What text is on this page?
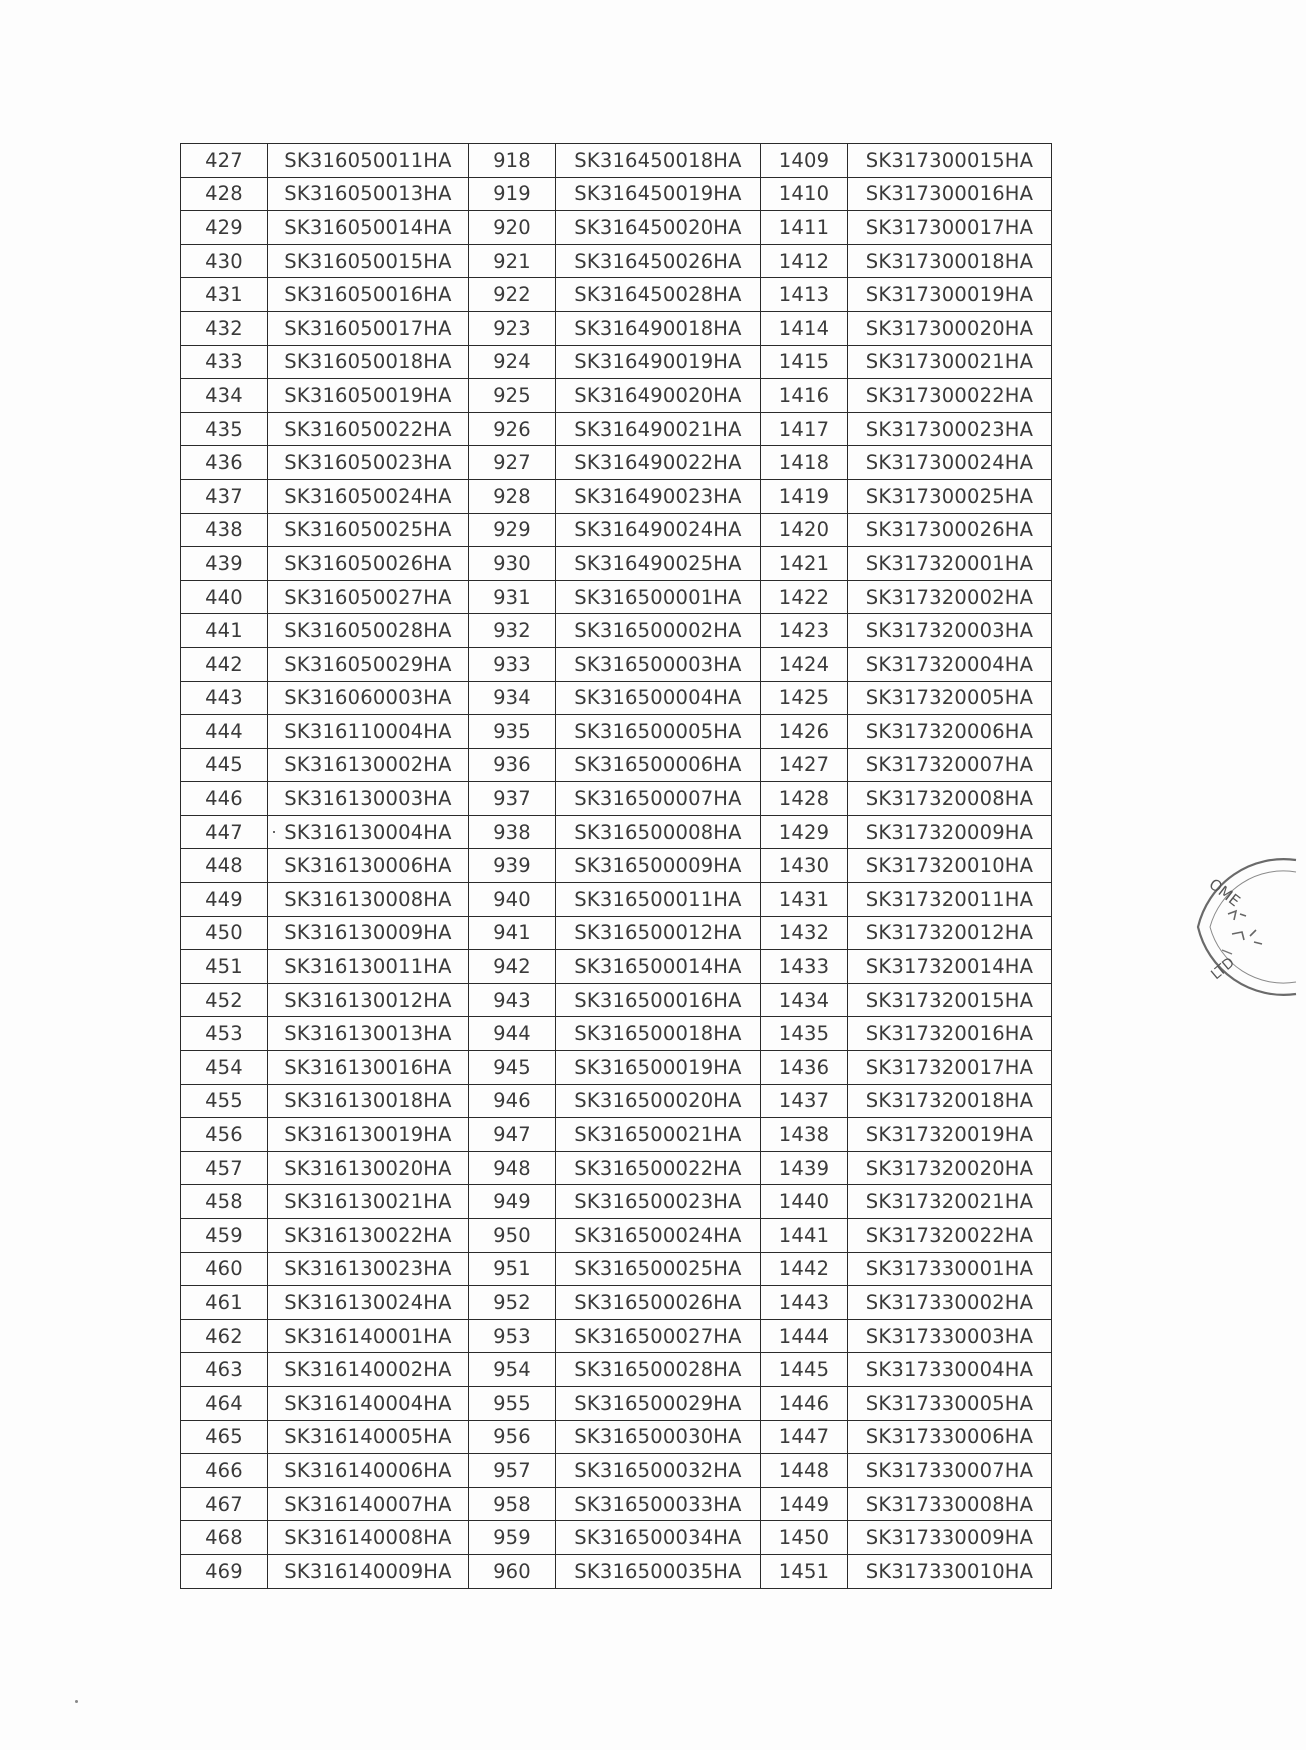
427	SK316050011HA	918	SK316450018HA	1409	SK317300015HA
428	SK316050013HA	919	SK316450019HA	1410	SK317300016HA
429	SK316050014HA	920	SK316450020HA	1411	SK317300017HA
430	SK316050015HA	921	SK316450026HA	1412	SK317300018HA
431	SK316050016HA	922	SK316450028HA	1413	SK317300019HA
432	SK316050017HA	923	SK316490018HA	1414	SK317300020HA
433	SK316050018HA	924	SK316490019HA	1415	SK317300021HA
434	SK316050019HA	925	SK316490020HA	1416	SK317300022HA
435	SK316050022HA	926	SK316490021HA	1417	SK317300023HA
436	SK316050023HA	927	SK316490022HA	1418	SK317300024HA
437	SK316050024HA	928	SK316490023HA	1419	SK317300025HA
438	SK316050025HA	929	SK316490024HA	1420	SK317300026HA
439	SK316050026HA	930	SK316490025HA	1421	SK317320001HA
440	SK316050027HA	931	SK316500001HA	1422	SK317320002HA
441	SK316050028HA	932	SK316500002HA	1423	SK317320003HA
442	SK316050029HA	933	SK316500003HA	1424	SK317320004HA
443	SK316060003HA	934	SK316500004HA	1425	SK317320005HA
444	SK316110004HA	935	SK316500005HA	1426	SK317320006HA
445	SK316130002HA	936	SK316500006HA	1427	SK317320007HA
446	SK316130003HA	937	SK316500007HA	1428	SK317320008HA
447	SK316130004HA	938	SK316500008HA	1429	SK317320009HA
448	SK316130006HA	939	SK316500009HA	1430	SK317320010HA
449	SK316130008HA	940	SK316500011HA	1431	SK317320011HA
450	SK316130009HA	941	SK316500012HA	1432	SK317320012HA
451	SK316130011HA	942	SK316500014HA	1433	SK317320014HA
452	SK316130012HA	943	SK316500016HA	1434	SK317320015HA
453	SK316130013HA	944	SK316500018HA	1435	SK317320016HA
454	SK316130016HA	945	SK316500019HA	1436	SK317320017HA
455	SK316130018HA	946	SK316500020HA	1437	SK317320018HA
456	SK316130019HA	947	SK316500021HA	1438	SK317320019HA
457	SK316130020HA	948	SK316500022HA	1439	SK317320020HA
458	SK316130021HA	949	SK316500023HA	1440	SK317320021HA
459	SK316130022HA	950	SK316500024HA	1441	SK317320022HA
460	SK316130023HA	951	SK316500025HA	1442	SK317330001HA
461	SK316130024HA	952	SK316500026HA	1443	SK317330002HA
462	SK316140001HA	953	SK316500027HA	1444	SK317330003HA
463	SK316140002HA	954	SK316500028HA	1445	SK317330004HA
464	SK316140004HA	955	SK316500029HA	1446	SK317330005HA
465	SK316140005HA	956	SK316500030HA	1447	SK317330006HA
466	SK316140006HA	957	SK316500032HA	1448	SK317330007HA
467	SK316140007HA	958	SK316500033HA	1449	SK317330008HA
468	SK316140008HA	959	SK316500034HA	1450	SK317330009HA
469	SK316140009HA	960	SK316500035HA	1451	SK317330010HA
OME
LTD
